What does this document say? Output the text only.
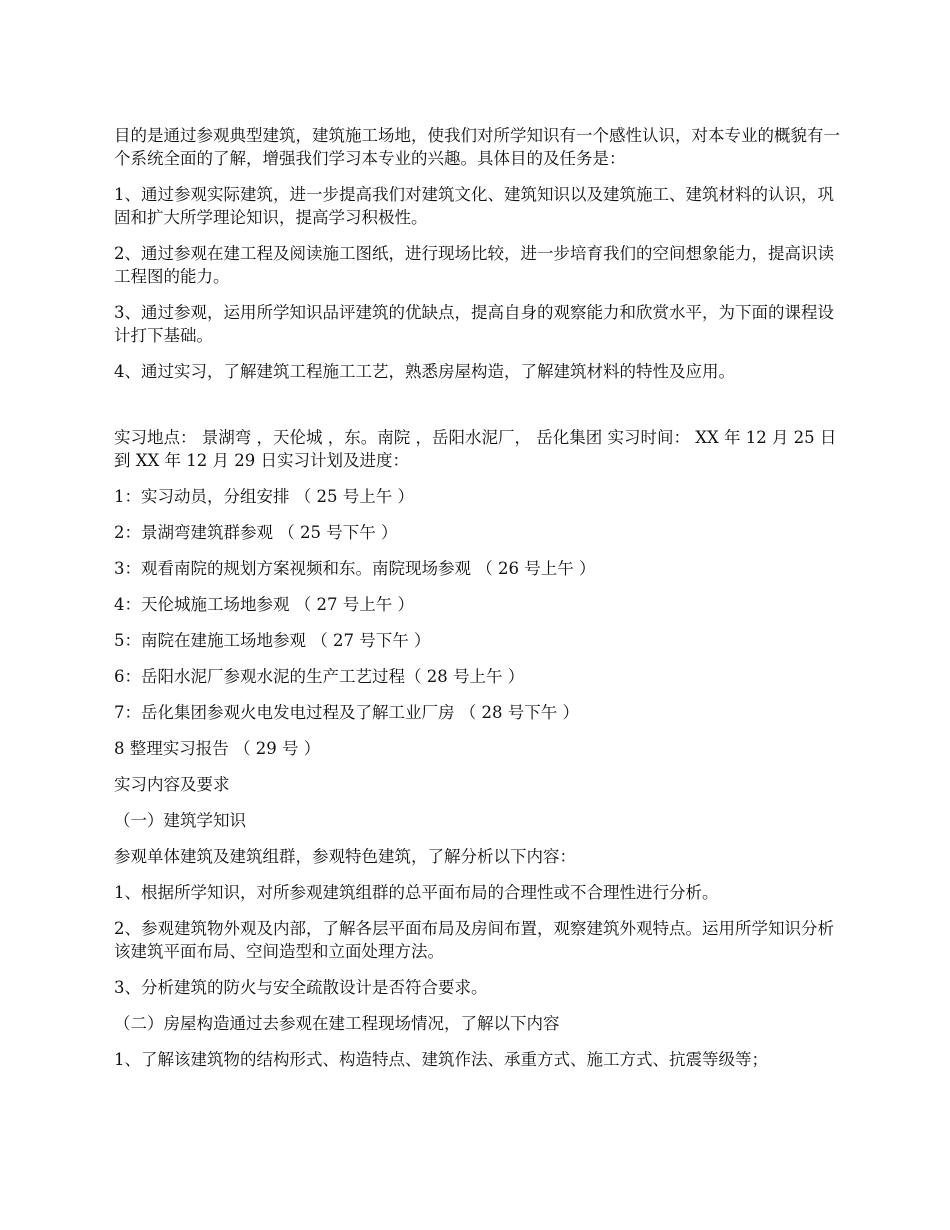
目的是通过参观典型建筑，建筑施工场地，使我们对所学知识有一个感性认识，对本专业的概貌有一个系统全面的了解，增强我们学习本专业的兴趣。具体目的及任务是：

1、通过参观实际建筑，进一步提高我们对建筑文化、建筑知识以及建筑施工、建筑材料的认识，巩固和扩大所学理论知识，提高学习积极性。

2、通过参观在建工程及阅读施工图纸，进行现场比较，进一步培育我们的空间想象能力，提高识读工程图的能力。

3、通过参观，运用所学知识品评建筑的优缺点，提高自身的观察能力和欣赏水平，为下面的课程设计打下基础。

4、通过实习，了解建筑工程施工工艺，熟悉房屋构造，了解建筑材料的特性及应用。

实习地点： 景湖弯 ，天伦城 ，东。南院 ，岳阳水泥厂， 岳化集团 实习时间： XX 年 12 月 25 日到 XX 年 12 月 29 日实习计划及进度：

1：实习动员，分组安排 （ 25 号上午 ）

2：景湖弯建筑群参观 （ 25 号下午 ）

3：观看南院的规划方案视频和东。南院现场参观 （ 26 号上午 ）

4：天伦城施工场地参观 （ 27 号上午 ）

5：南院在建施工场地参观 （ 27 号下午 ）

6：岳阳水泥厂参观水泥的生产工艺过程（ 28 号上午 ）

7：岳化集团参观火电发电过程及了解工业厂房 （ 28 号下午 ）

8 整理实习报告 （ 29 号 ）

实习内容及要求

（一）建筑学知识

参观单体建筑及建筑组群，参观特色建筑，了解分析以下内容：

1、根据所学知识，对所参观建筑组群的总平面布局的合理性或不合理性进行分析。

2、参观建筑物外观及内部，了解各层平面布局及房间布置，观察建筑外观特点。运用所学知识分析该建筑平面布局、空间造型和立面处理方法。

3、分析建筑的防火与安全疏散设计是否符合要求。

（二）房屋构造通过去参观在建工程现场情况，了解以下内容

1、了解该建筑物的结构形式、构造特点、建筑作法、承重方式、施工方式、抗震等级等；
